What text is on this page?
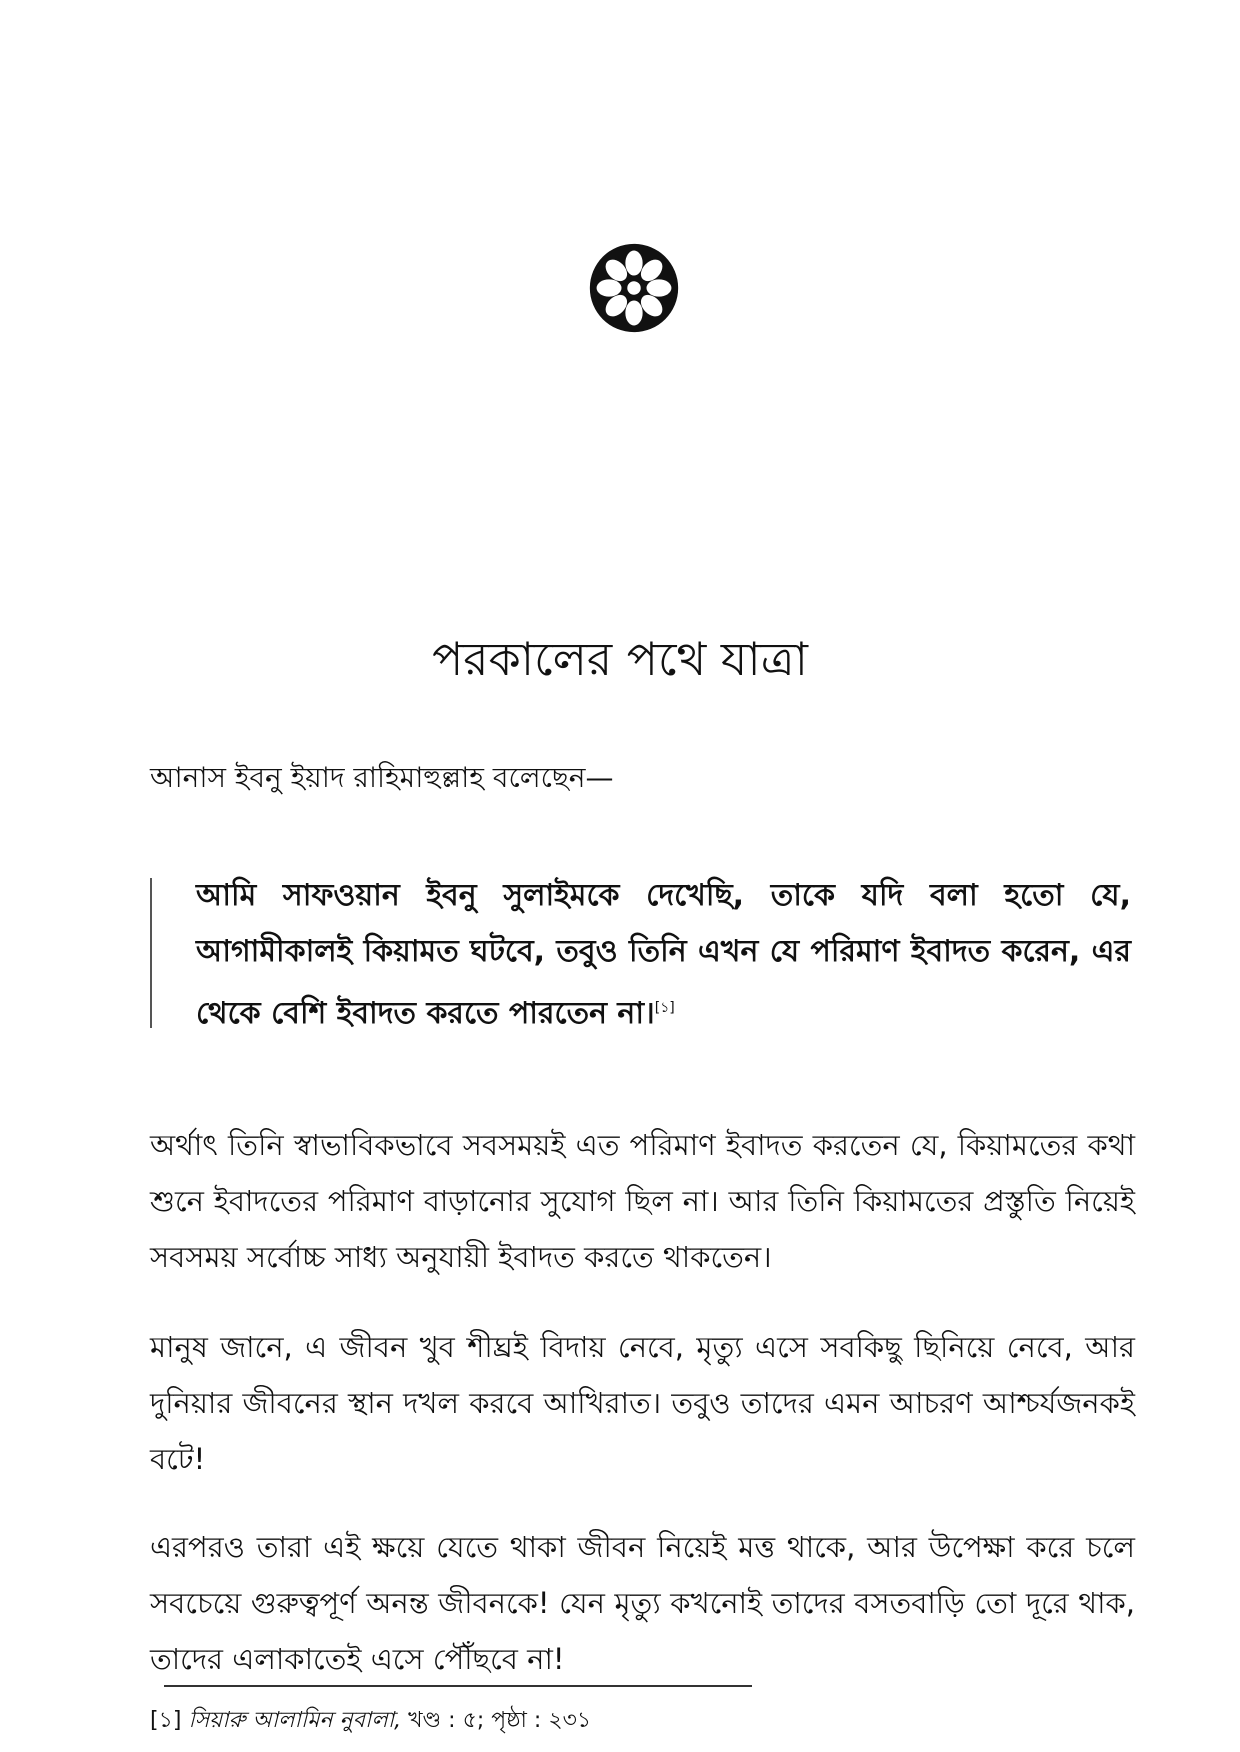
পরকালের পথে যাত্রা
আনাস ইবনু ইয়াদ রাহিমাহুল্লাহ বলেছেন—
আমি সাফওয়ান ইবনু সুলাইমকে দেখেছি, তাকে যদি বলা হতো যে, আগামীকালই কিয়ামত ঘটবে, তবুও তিনি এখন যে পরিমাণ ইবাদত করেন, এর থেকে বেশি ইবাদত করতে পারতেন না।[১]

অর্থাৎ তিনি স্বাভাবিকভাবে সবসময়ই এত পরিমাণ ইবাদত করতেন যে, কিয়ামতের কথা শুনে ইবাদতের পরিমাণ বাড়ানোর সুযোগ ছিল না। আর তিনি কিয়ামতের প্রস্তুতি নিয়েই সবসময় সর্বোচ্চ সাধ্য অনুযায়ী ইবাদত করতে থাকতেন।

মানুষ জানে, এ জীবন খুব শীঘ্রই বিদায় নেবে, মৃত্যু এসে সবকিছু ছিনিয়ে নেবে, আর দুনিয়ার জীবনের স্থান দখল করবে আখিরাত। তবুও তাদের এমন আচরণ আশ্চর্যজনকই বটে!

এরপরও তারা এই ক্ষয়ে যেতে থাকা জীবন নিয়েই মত্ত থাকে, আর উপেক্ষা করে চলে সবচেয়ে গুরুত্বপূর্ণ অনন্ত জীবনকে! যেন মৃত্যু কখনোই তাদের বসতবাড়ি তো দূরে থাক, তাদের এলাকাতেই এসে পৌঁছবে না!

[১] সিয়ারু আলামিন নুবালা, খণ্ড : ৫; পৃষ্ঠা : ২৩১
